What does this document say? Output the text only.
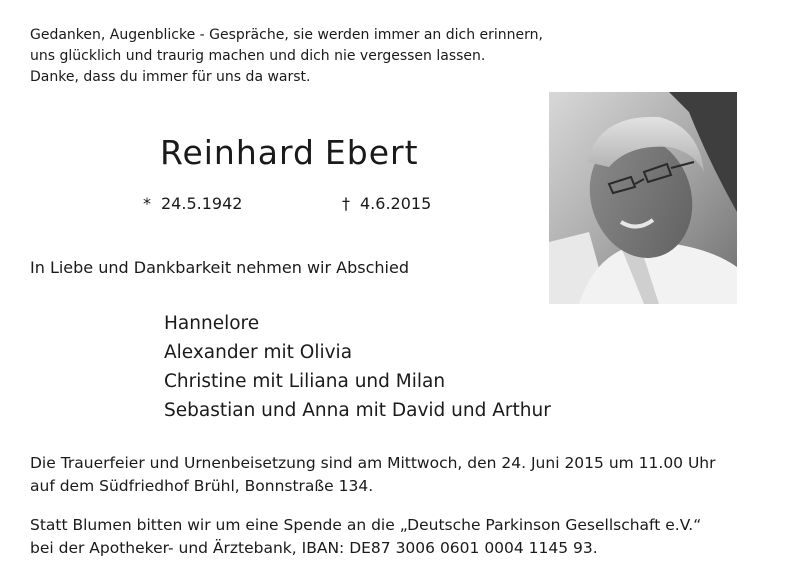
Gedanken, Augenblicke - Gespräche, sie werden immer an dich erinnern,
uns glücklich und traurig machen und dich nie vergessen lassen.
Danke, dass du immer für uns da warst.
Reinhard Ebert
* 24.5.1942	† 4.6.2015
In Liebe und Dankbarkeit nehmen wir Abschied
Hannelore
Alexander mit Olivia
Christine mit Liliana und Milan
Sebastian und Anna mit David und Arthur
Die Trauerfeier und Urnenbeisetzung sind am Mittwoch, den 24. Juni 2015 um 11.00 Uhr
auf dem Südfriedhof Brühl, Bonnstraße 134.
Statt Blumen bitten wir um eine Spende an die „Deutsche Parkinson Gesellschaft e.V.“
bei der Apotheker- und Ärztebank, IBAN: DE87 3006 0601 0004 1145 93.
